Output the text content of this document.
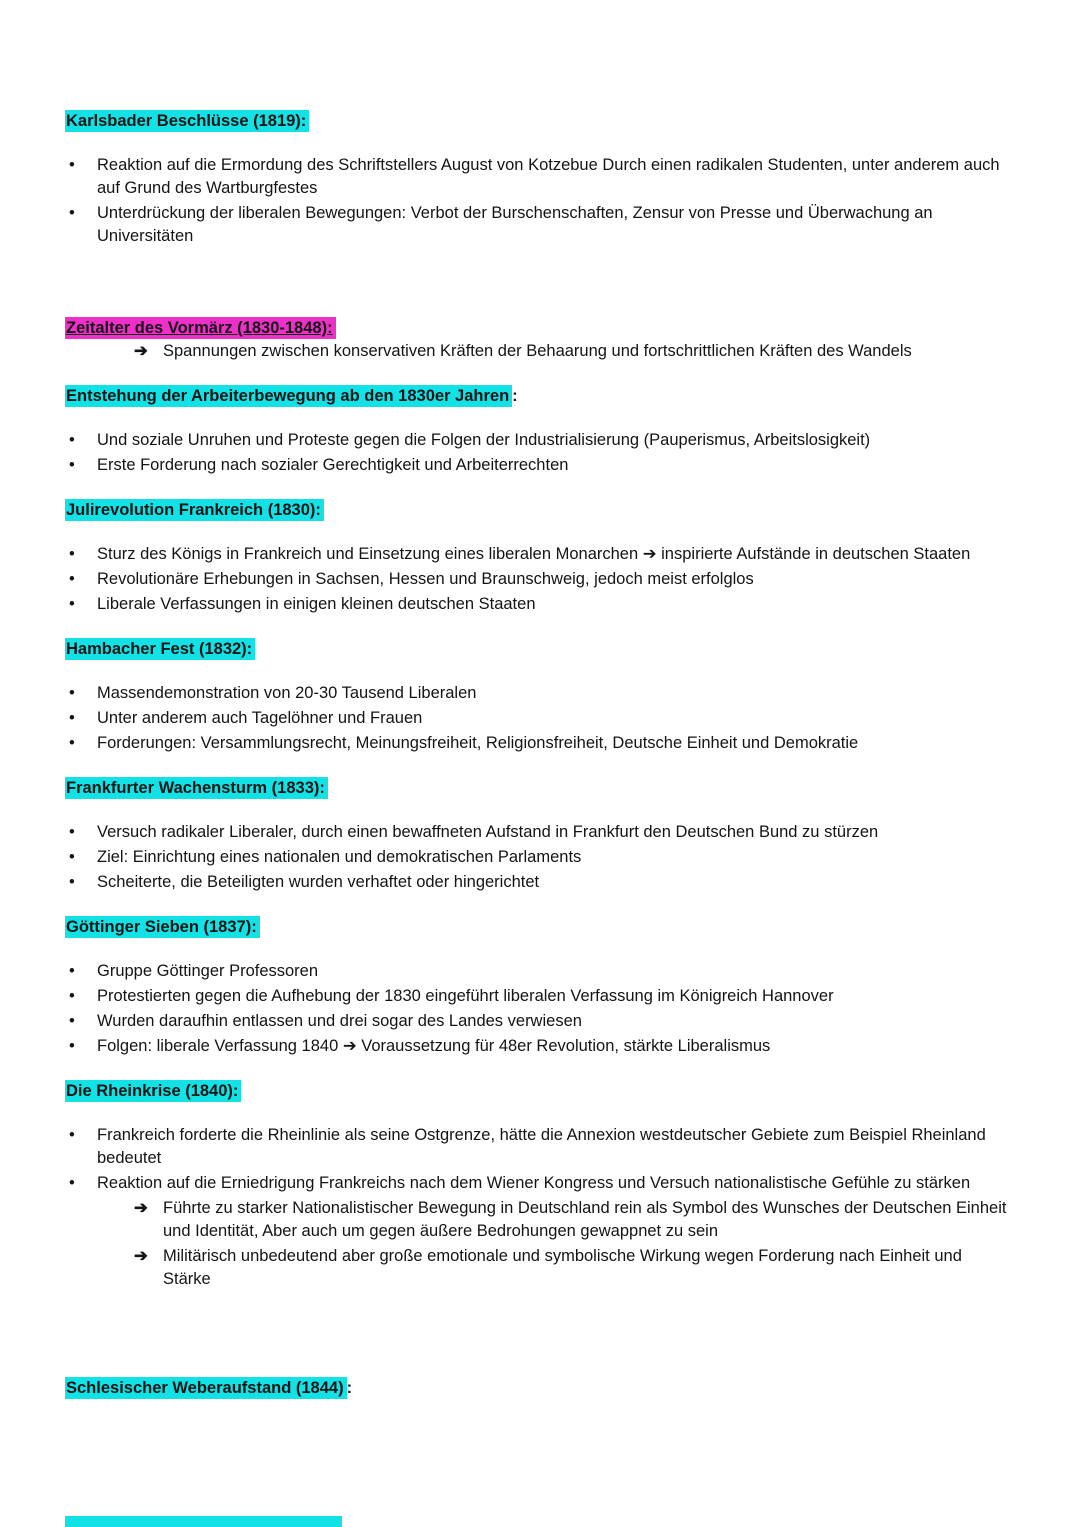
Karlsbader Beschlüsse (1819):
•	Reaktion auf die Ermordung des Schriftstellers August von Kotzebue Durch einen radikalen Studenten, unter anderem auch auf Grund des Wartburgfestes
•	Unterdrückung der liberalen Bewegungen: Verbot der Burschenschaften, Zensur von Presse und Überwachung an Universitäten
Zeitalter des Vormärz (1830-1848):
➔ Spannungen zwischen konservativen Kräften der Behaarung und fortschrittlichen Kräften des Wandels
Entstehung der Arbeiterbewegung ab den 1830er Jahren :
•	Und soziale Unruhen und Proteste gegen die Folgen der Industrialisierung (Pauperismus, Arbeitslosigkeit)
•	Erste Forderung nach sozialer Gerechtigkeit und Arbeiterrechten
Julirevolution Frankreich (1830):
•	Sturz des Königs in Frankreich und Einsetzung eines liberalen Monarchen ➔ inspirierte Aufstände in deutschen Staaten
•	Revolutionäre Erhebungen in Sachsen, Hessen und Braunschweig, jedoch meist erfolglos
•	Liberale Verfassungen in einigen kleinen deutschen Staaten
Hambacher Fest (1832):
•	Massendemonstration von 20-30 Tausend Liberalen
•	Unter anderem auch Tagelöhner und Frauen
•	Forderungen: Versammlungsrecht, Meinungsfreiheit, Religionsfreiheit, Deutsche Einheit und Demokratie
Frankfurter Wachensturm (1833):
•	Versuch radikaler Liberaler, durch einen bewaffneten Aufstand in Frankfurt den Deutschen Bund zu stürzen
•	Ziel: Einrichtung eines nationalen und demokratischen Parlaments
•	Scheiterte, die Beteiligten wurden verhaftet oder hingerichtet
Göttinger Sieben (1837):
•	Gruppe Göttinger Professoren
•	Protestierten gegen die Aufhebung der 1830 eingeführt liberalen Verfassung im Königreich Hannover
•	Wurden daraufhin entlassen und drei sogar des Landes verwiesen
•	Folgen: liberale Verfassung 1840 ➔ Voraussetzung für 48er Revolution, stärkte Liberalismus
Die Rheinkrise (1840):
•	Frankreich forderte die Rheinlinie als seine Ostgrenze, hätte die Annexion westdeutscher Gebiete zum Beispiel Rheinland bedeutet
•	Reaktion auf die Erniedrigung Frankreichs nach dem Wiener Kongress und Versuch nationalistische Gefühle zu stärken
➔ Führte zu starker Nationalistischer Bewegung in Deutschland rein als Symbol des Wunsches der Deutschen Einheit und Identität, Aber auch um gegen äußere Bedrohungen gewappnet zu sein
➔ Militärisch unbedeutend aber große emotionale und symbolische Wirkung wegen Forderung nach Einheit und Stärke
Schlesischer Weberaufstand (1844) :
